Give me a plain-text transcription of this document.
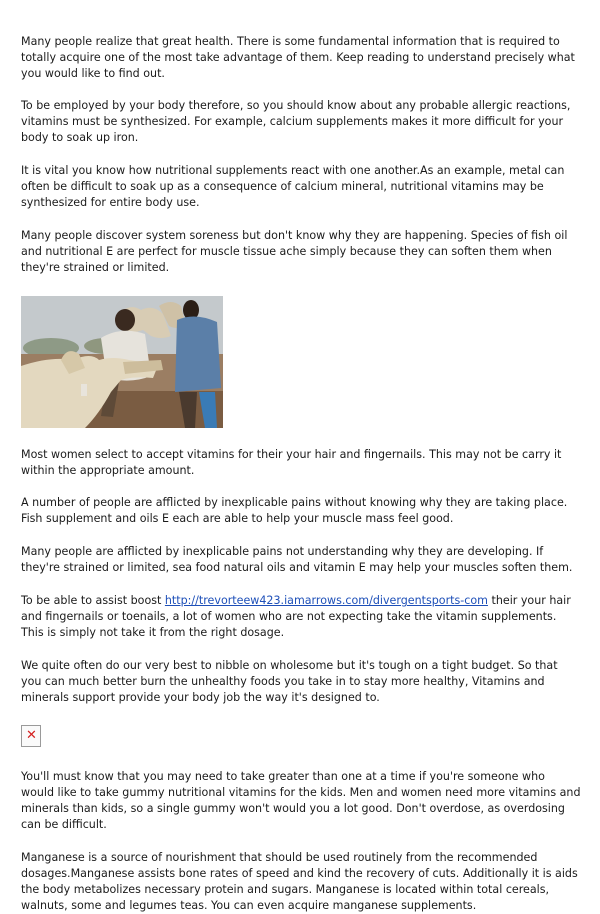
Many people realize that great health. There is some fundamental information that is required to totally acquire one of the most take advantage of them. Keep reading to understand precisely what you would like to find out.

To be employed by your body therefore, so you should know about any probable allergic reactions, vitamins must be synthesized. For example, calcium supplements makes it more difficult for your body to soak up iron.

It is vital you know how nutritional supplements react with one another.As an example, metal can often be difficult to soak up as a consequence of calcium mineral, nutritional vitamins may be synthesized for entire body use.

Many people discover system soreness but don't know why they are happening. Species of fish oil and nutritional E are perfect for muscle tissue ache simply because they can soften them when they're strained or limited.

Most women select to accept vitamins for their your hair and fingernails. This may not be carry it within the appropriate amount.

A number of people are afflicted by inexplicable pains without knowing why they are taking place. Fish supplement and oils E each are able to help your muscle mass feel good.

Many people are afflicted by inexplicable pains not understanding why they are developing. If they're strained or limited, sea food natural oils and vitamin E may help your muscles soften them.

To be able to assist boost http://trevorteew423.iamarrows.com/divergentsports-com their your hair and fingernails or toenails, a lot of women who are not expecting take the vitamin supplements. This is simply not take it from the right dosage.

We quite often do our very best to nibble on wholesome but it's tough on a tight budget. So that you can much better burn the unhealthy foods you take in to stay more healthy, Vitamins and minerals support provide your body job the way it's designed to.

✕

You'll must know that you may need to take greater than one at a time if you're someone who would like to take gummy nutritional vitamins for the kids. Men and women need more vitamins and minerals than kids, so a single gummy won't would you a lot good. Don't overdose, as overdosing can be difficult.

Manganese is a source of nourishment that should be used routinely from the recommended dosages.Manganese assists bone rates of speed and kind the recovery of cuts. Additionally it is aids the body metabolizes necessary protein and sugars. Manganese is located within total cereals, walnuts, some and legumes teas. You can even acquire manganese supplements.
